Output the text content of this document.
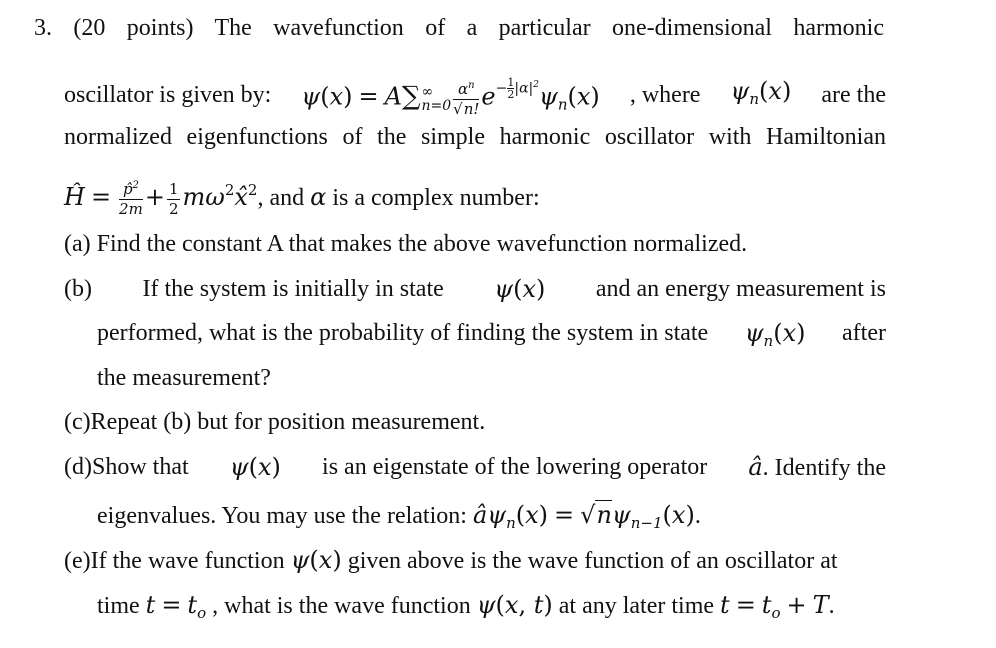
3. (20 points) The wavefunction of a particular one-dimensional harmonic
oscillator is given by: ψ(x) = A∑ ∞
$n=0 \frac{\alpha^n}{√n!} e- \frac{1}{2} |\alpha|^2\psi_n(x)$ , where $\psi_n(x)$ are the
normalized eigenfunctions of the simple harmonic oscillator with Hamiltonian
Ĥ = $\frac{p̂^2}{2m} + \frac{1}{2}$ $m\omega^2x̂^2$, and α is a complex number:
(a) Find the constant A that makes the above wavefunction normalized.
(b) If the system is initially in state ψ(x) and an energy measurement is
performed, what is the probability of finding the system in state $\psi_n(x)$ after
the measurement?
(c)Repeat (b) but for position measurement.
(d)Show that ψ(x) is an eigenstate of the lowering operator â. Identify the
eigenvalues. You may use the relation: $â\psi_n(x) = √n\psi_{n-1}(x)$.
(e)If the wave function ψ(x) given above is the wave function of an oscillator at
time $t = t_o$ , what is the wave function ψ(x, t) at any later time $t = t_o + T$.
